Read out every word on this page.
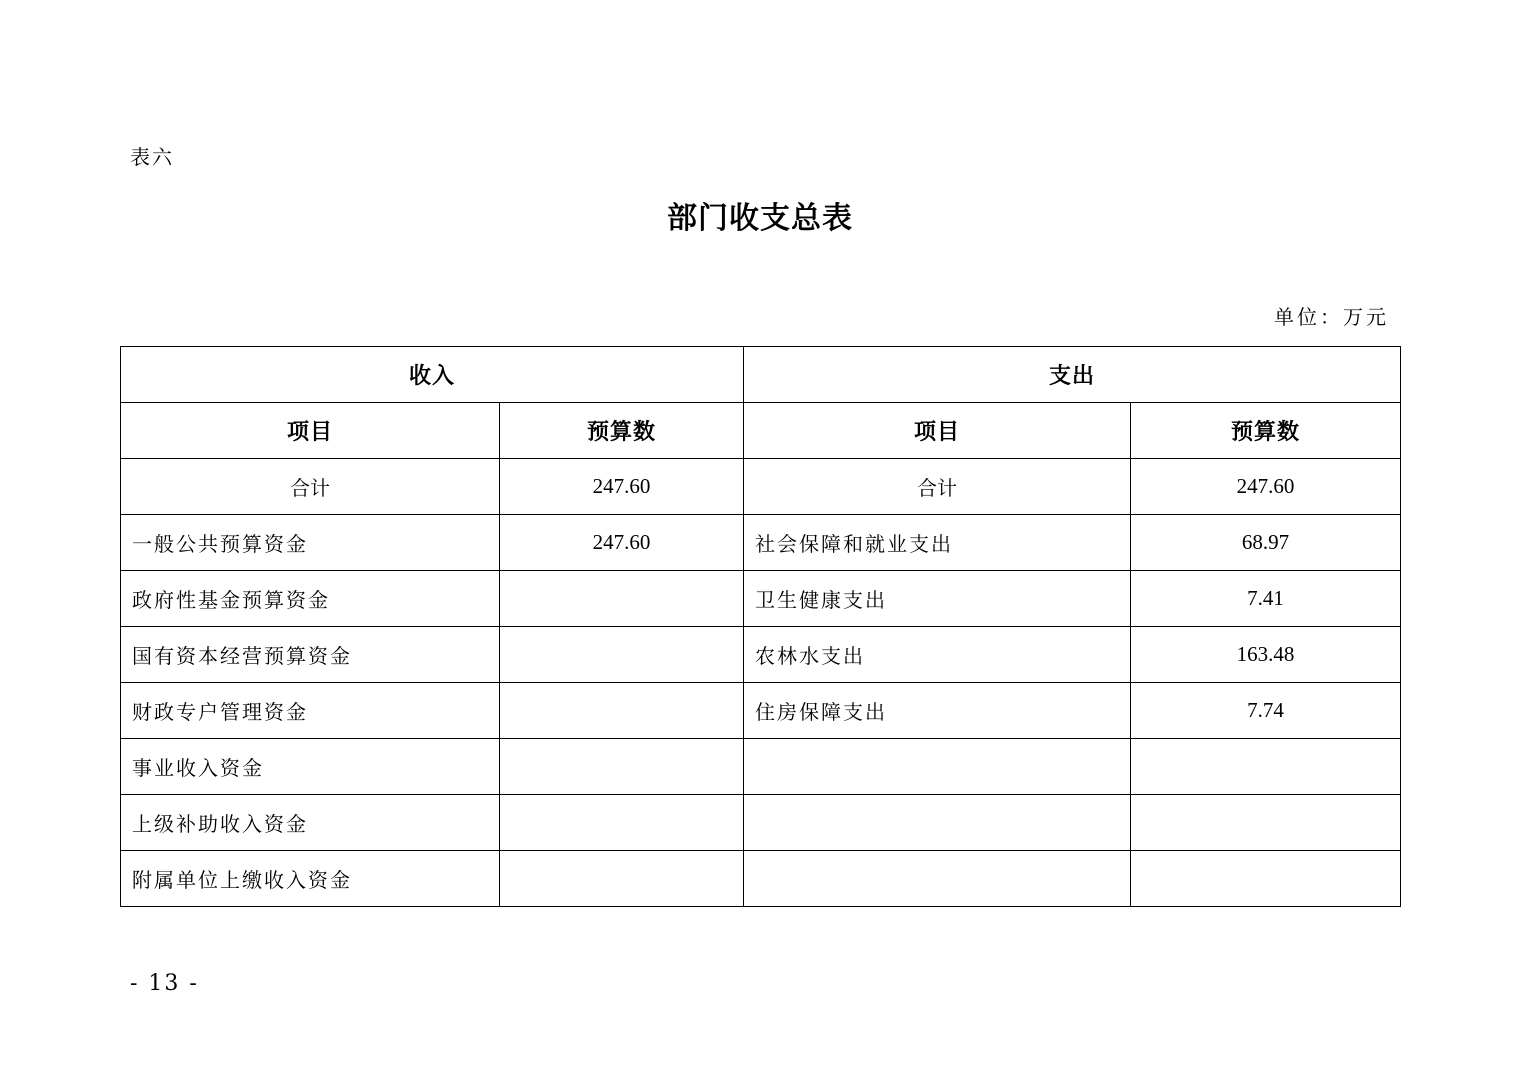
表六
部门收支总表
单位：万元
收入		支出	
项目	预算数	项目	预算数
合计	247.60	合计	247.60
一般公共预算资金	247.60	社会保障和就业支出	68.97
政府性基金预算资金		卫生健康支出	7.41
国有资本经营预算资金		农林水支出	163.48
财政专户管理资金		住房保障支出	7.74
事业收入资金			
上级补助收入资金			
附属单位上缴收入资金			
- 13 -
